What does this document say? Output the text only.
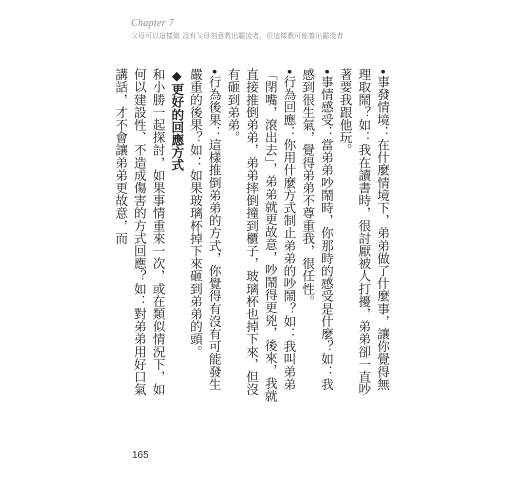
Chapter 7
父母可以這樣做 沒有父母刻意教出霸凌者，但這樣教可能養出霸凌者

•事發情境：在什麼情境下，弟弟做了什麼事，讓你覺得無理取鬧？如：我在讀書時，很討厭被人打擾，弟弟卻一直吵著要我跟他玩。

•事情感受：當弟弟吵鬧時，你那時的感受是什麼？如：我感到很生氣，覺得弟弟不尊重我，很任性。

•行為回應：你用什麼方式制止弟弟的吵鬧？如：我叫弟弟「閉嘴，滾出去」，弟弟就更故意，吵鬧得更兇，後來，我就直接推倒弟弟，弟弟摔倒撞到櫃子，玻璃杯也掉下來，但沒有砸到弟弟。

•行為後果：這樣推倒弟弟的方式，你覺得有沒有可能發生嚴重的後果？如：如果玻璃杯掉下來砸到弟弟的頭。

◆更好的回應方式

和小勝一起探討，如果事情重來一次，或在類似情況下，如何以建設性、不造成傷害的方式回應？如：對弟弟用好口氣講話，才不會讓弟弟更故意，而

165
